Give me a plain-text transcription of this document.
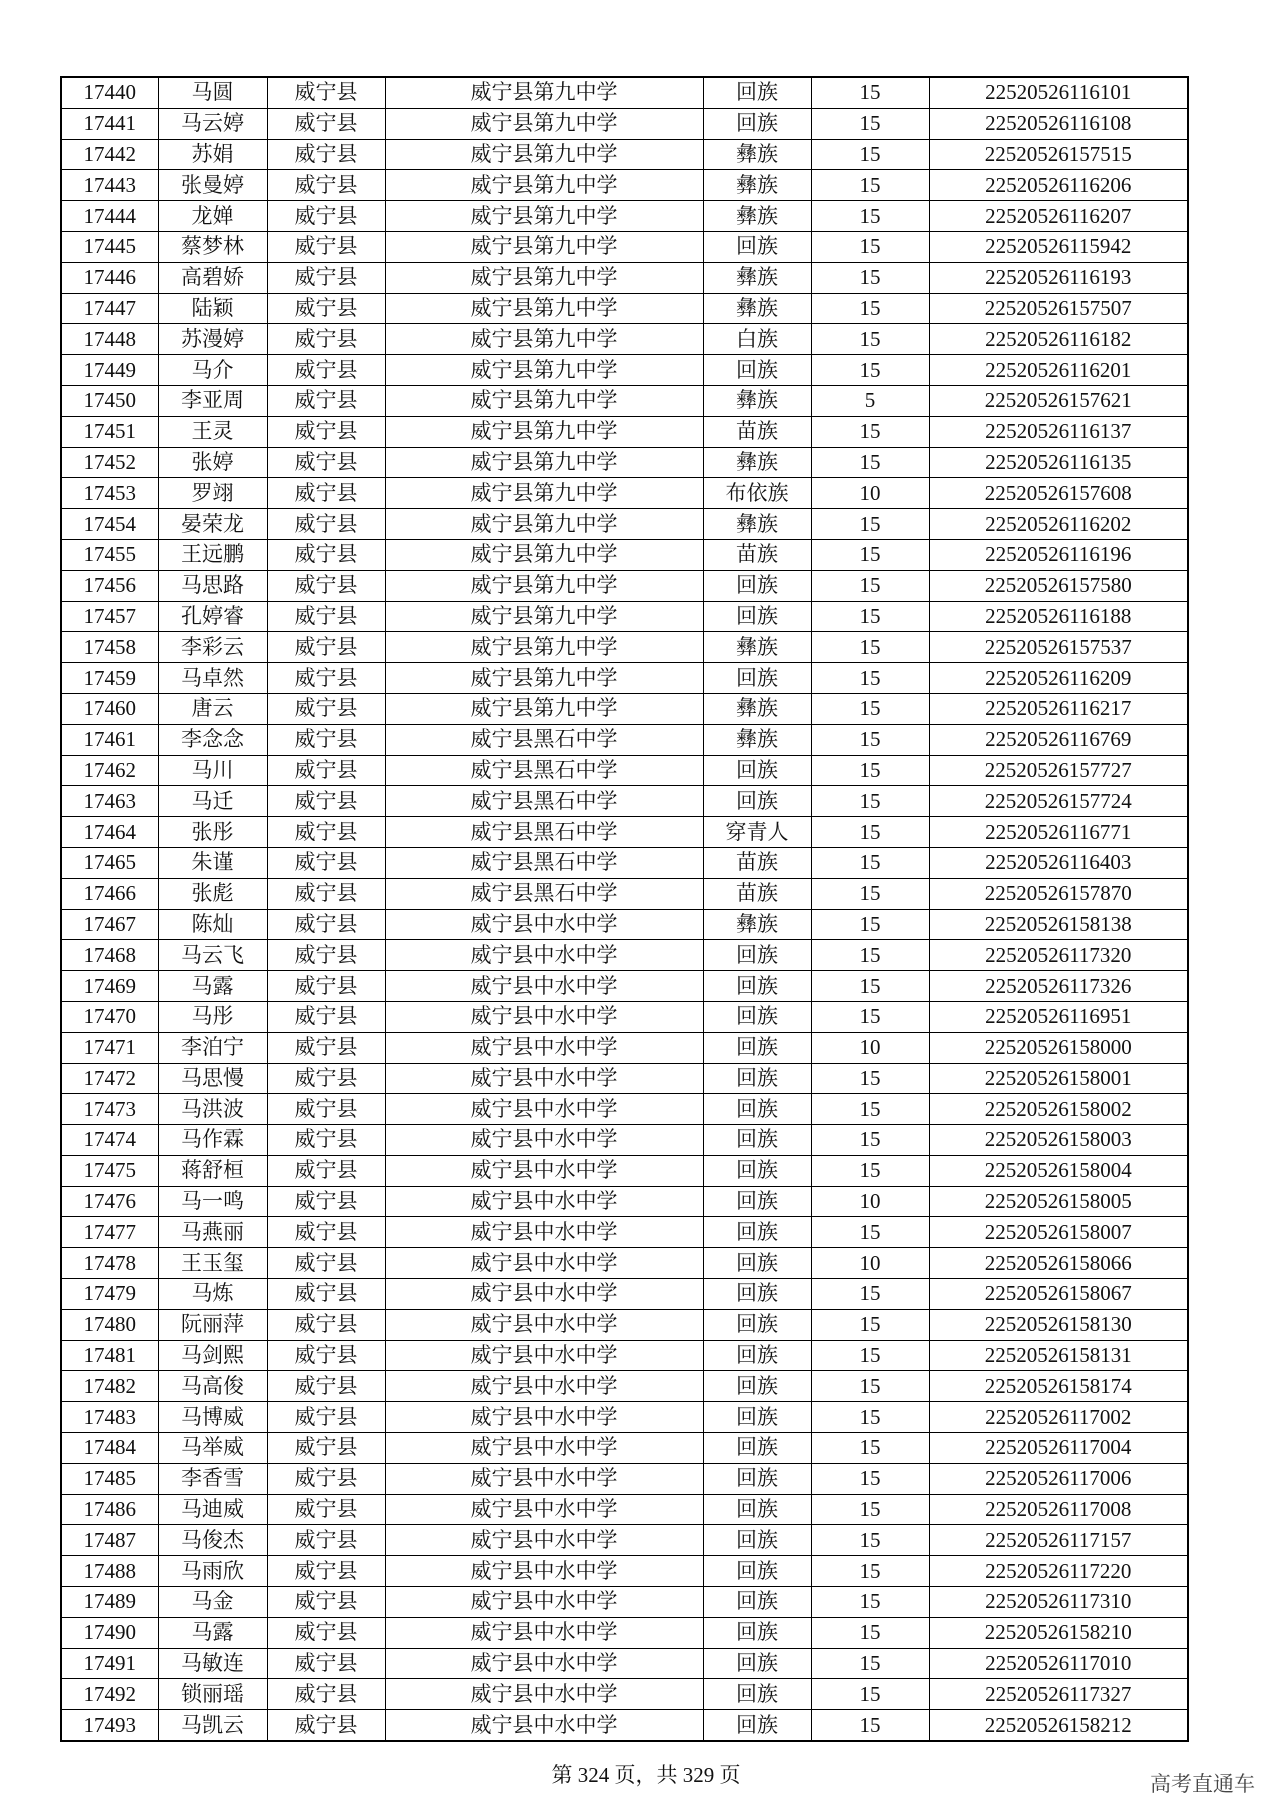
17440	马圆	威宁县	威宁县第九中学	回族	15	22520526116101
17441	马云婷	威宁县	威宁县第九中学	回族	15	22520526116108
17442	苏娟	威宁县	威宁县第九中学	彝族	15	22520526157515
17443	张曼婷	威宁县	威宁县第九中学	彝族	15	22520526116206
17444	龙婵	威宁县	威宁县第九中学	彝族	15	22520526116207
17445	蔡梦林	威宁县	威宁县第九中学	回族	15	22520526115942
17446	高碧娇	威宁县	威宁县第九中学	彝族	15	22520526116193
17447	陆颖	威宁县	威宁县第九中学	彝族	15	22520526157507
17448	苏漫婷	威宁县	威宁县第九中学	白族	15	22520526116182
17449	马介	威宁县	威宁县第九中学	回族	15	22520526116201
17450	李亚周	威宁县	威宁县第九中学	彝族	5	22520526157621
17451	王灵	威宁县	威宁县第九中学	苗族	15	22520526116137
17452	张婷	威宁县	威宁县第九中学	彝族	15	22520526116135
17453	罗翊	威宁县	威宁县第九中学	布依族	10	22520526157608
17454	晏荣龙	威宁县	威宁县第九中学	彝族	15	22520526116202
17455	王远鹏	威宁县	威宁县第九中学	苗族	15	22520526116196
17456	马思路	威宁县	威宁县第九中学	回族	15	22520526157580
17457	孔婷睿	威宁县	威宁县第九中学	回族	15	22520526116188
17458	李彩云	威宁县	威宁县第九中学	彝族	15	22520526157537
17459	马卓然	威宁县	威宁县第九中学	回族	15	22520526116209
17460	唐云	威宁县	威宁县第九中学	彝族	15	22520526116217
17461	李念念	威宁县	威宁县黑石中学	彝族	15	22520526116769
17462	马川	威宁县	威宁县黑石中学	回族	15	22520526157727
17463	马迁	威宁县	威宁县黑石中学	回族	15	22520526157724
17464	张彤	威宁县	威宁县黑石中学	穿青人	15	22520526116771
17465	朱谨	威宁县	威宁县黑石中学	苗族	15	22520526116403
17466	张彪	威宁县	威宁县黑石中学	苗族	15	22520526157870
17467	陈灿	威宁县	威宁县中水中学	彝族	15	22520526158138
17468	马云飞	威宁县	威宁县中水中学	回族	15	22520526117320
17469	马露	威宁县	威宁县中水中学	回族	15	22520526117326
17470	马彤	威宁县	威宁县中水中学	回族	15	22520526116951
17471	李泊宁	威宁县	威宁县中水中学	回族	10	22520526158000
17472	马思慢	威宁县	威宁县中水中学	回族	15	22520526158001
17473	马洪波	威宁县	威宁县中水中学	回族	15	22520526158002
17474	马作霖	威宁县	威宁县中水中学	回族	15	22520526158003
17475	蒋舒桓	威宁县	威宁县中水中学	回族	15	22520526158004
17476	马一鸣	威宁县	威宁县中水中学	回族	10	22520526158005
17477	马燕丽	威宁县	威宁县中水中学	回族	15	22520526158007
17478	王玉玺	威宁县	威宁县中水中学	回族	10	22520526158066
17479	马炼	威宁县	威宁县中水中学	回族	15	22520526158067
17480	阮丽萍	威宁县	威宁县中水中学	回族	15	22520526158130
17481	马剑熙	威宁县	威宁县中水中学	回族	15	22520526158131
17482	马高俊	威宁县	威宁县中水中学	回族	15	22520526158174
17483	马博威	威宁县	威宁县中水中学	回族	15	22520526117002
17484	马举威	威宁县	威宁县中水中学	回族	15	22520526117004
17485	李香雪	威宁县	威宁县中水中学	回族	15	22520526117006
17486	马迪威	威宁县	威宁县中水中学	回族	15	22520526117008
17487	马俊杰	威宁县	威宁县中水中学	回族	15	22520526117157
17488	马雨欣	威宁县	威宁县中水中学	回族	15	22520526117220
17489	马金	威宁县	威宁县中水中学	回族	15	22520526117310
17490	马露	威宁县	威宁县中水中学	回族	15	22520526158210
17491	马敏连	威宁县	威宁县中水中学	回族	15	22520526117010
17492	锁丽瑶	威宁县	威宁县中水中学	回族	15	22520526117327
17493	马凯云	威宁县	威宁县中水中学	回族	15	22520526158212
第 324 页，共 329 页	高考直通车
